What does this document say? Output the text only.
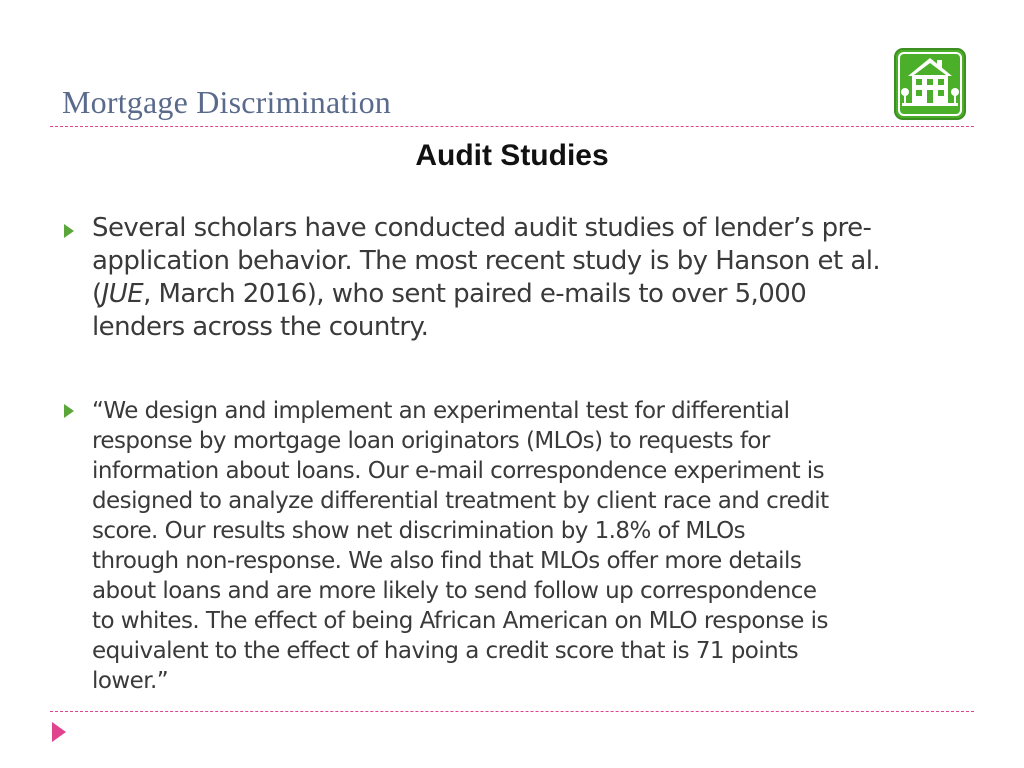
Mortgage Discrimination
Audit Studies

Several scholars have conducted audit studies of lender’s pre-
application behavior. The most recent study is by Hanson et al.
(JUE, March 2016), who sent paired e-mails to over 5,000
lenders across the country.

“We design and implement an experimental test for differential
response by mortgage loan originators (MLOs) to requests for
information about loans. Our e-mail correspondence experiment is
designed to analyze differential treatment by client race and credit
score. Our results show net discrimination by 1.8% of MLOs
through non-response. We also find that MLOs offer more details
about loans and are more likely to send follow up correspondence
to whites. The effect of being African American on MLO response is
equivalent to the effect of having a credit score that is 71 points
lower.”
